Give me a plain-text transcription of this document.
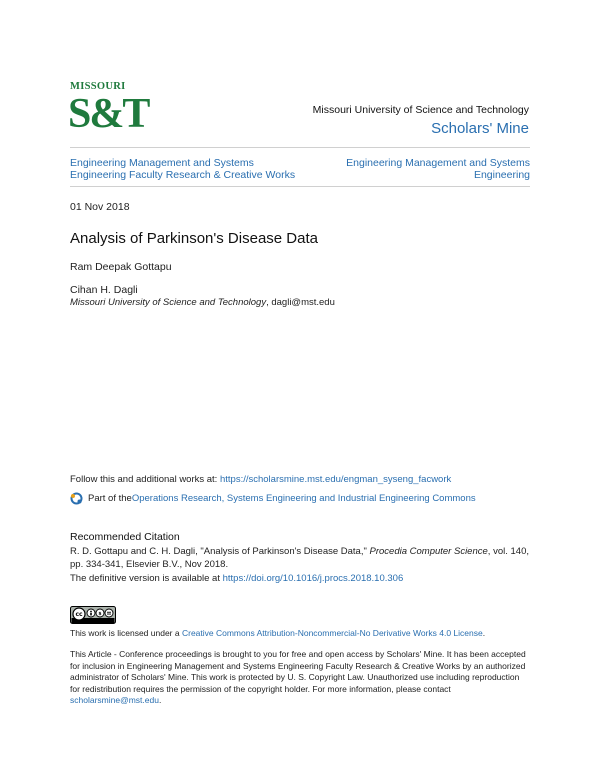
MISSOURI
S&T	Missouri University of Science and Technology
Scholars' Mine
Engineering Management and Systems
Engineering Faculty Research & Creative Works
Engineering Management and Systems
Engineering
01 Nov 2018
Analysis of Parkinson's Disease Data
Ram Deepak Gottapu
Cihan H. Dagli
Missouri University of Science and Technology, dagli@mst.edu
Follow this and additional works at: https://scholarsmine.mst.edu/engman_syseng_facwork
Part of the Operations Research, Systems Engineering and Industrial Engineering Commons
Recommended Citation
R. D. Gottapu and C. H. Dagli, "Analysis of Parkinson's Disease Data," Procedia Computer Science, vol. 140, pp. 334-341, Elsevier B.V., Nov 2018.
The definitive version is available at https://doi.org/10.1016/j.procs.2018.10.306
cc	$
This work is licensed under a Creative Commons Attribution-Noncommercial-No Derivative Works 4.0 License.
This Article - Conference proceedings is brought to you for free and open access by Scholars' Mine. It has been accepted for inclusion in Engineering Management and Systems Engineering Faculty Research & Creative Works by an authorized administrator of Scholars' Mine. This work is protected by U. S. Copyright Law. Unauthorized use including reproduction for redistribution requires the permission of the copyright holder. For more information, please contact scholarsmine@mst.edu.
